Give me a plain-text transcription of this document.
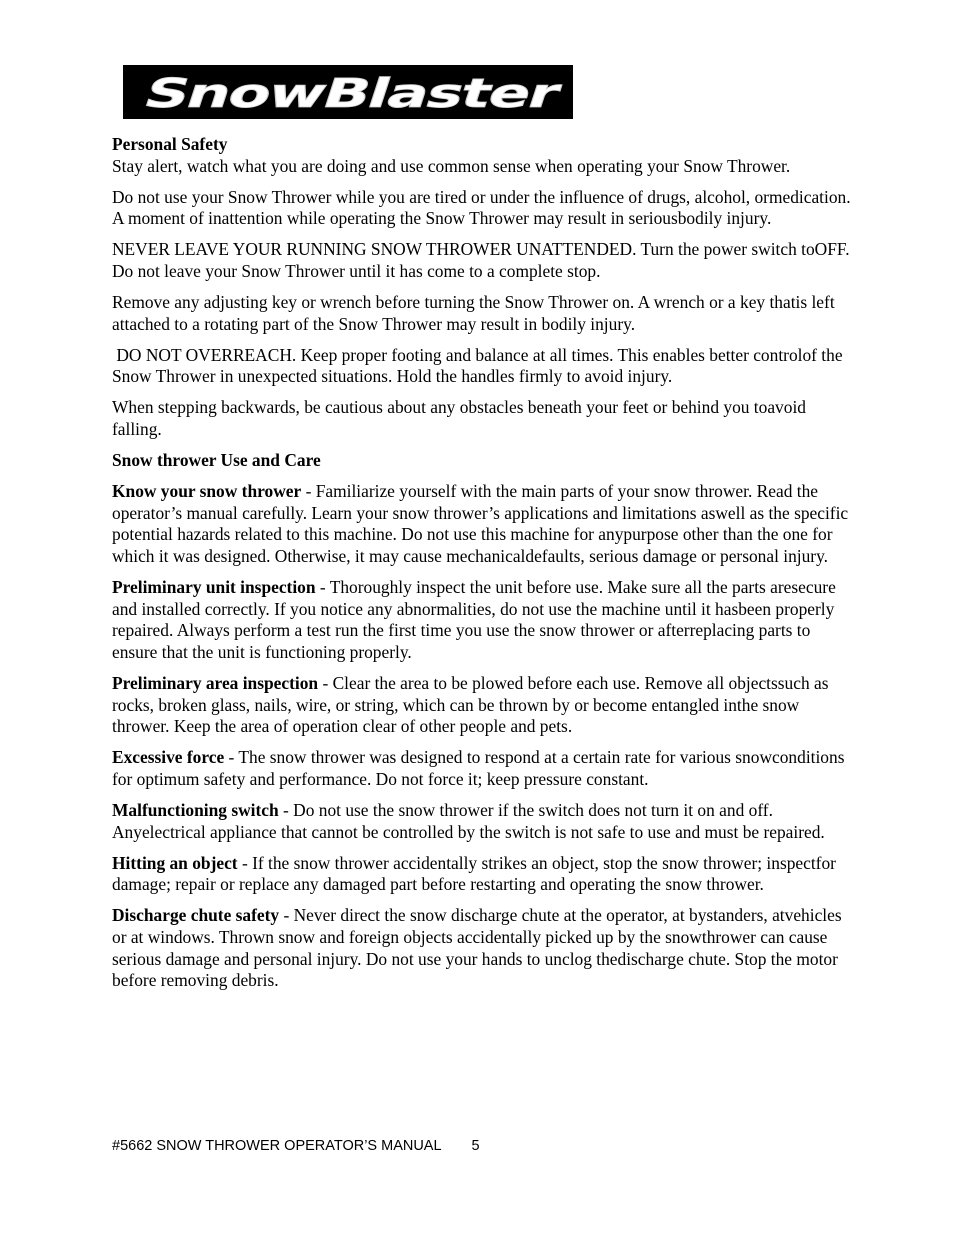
SnowBlaster

Personal Safety

Stay alert, watch what you are doing and use common sense when operating your Snow Thrower.

Do not use your Snow Thrower while you are tired or under the influence of drugs, alcohol, ormedication. A moment of inattention while operating the Snow Thrower may result in seriousbodily injury.

NEVER LEAVE YOUR RUNNING SNOW THROWER UNATTENDED. Turn the power switch toOFF. Do not leave your Snow Thrower until it has come to a complete stop.

Remove any adjusting key or wrench before turning the Snow Thrower on. A wrench or a key thatis left attached to a rotating part of the Snow Thrower may result in bodily injury.

DO NOT OVERREACH. Keep proper footing and balance at all times. This enables better controlof the Snow Thrower in unexpected situations. Hold the handles firmly to avoid injury.

When stepping backwards, be cautious about any obstacles beneath your feet or behind you toavoid falling.

Snow thrower Use and Care

Know your snow thrower - Familiarize yourself with the main parts of your snow thrower. Read the operator’s manual carefully. Learn your snow thrower’s applications and limitations aswell as the specific potential hazards related to this machine. Do not use this machine for anypurpose other than the one for which it was designed. Otherwise, it may cause mechanicaldefaults, serious damage or personal injury.

Preliminary unit inspection - Thoroughly inspect the unit before use. Make sure all the parts aresecure and installed correctly. If you notice any abnormalities, do not use the machine until it hasbeen properly repaired. Always perform a test run the first time you use the snow thrower or afterreplacing parts to ensure that the unit is functioning properly.

Preliminary area inspection - Clear the area to be plowed before each use. Remove all objectssuch as rocks, broken glass, nails, wire, or string, which can be thrown by or become entangled inthe snow thrower. Keep the area of operation clear of other people and pets.

Excessive force - The snow thrower was designed to respond at a certain rate for various snowconditions for optimum safety and performance. Do not force it; keep pressure constant.

Malfunctioning switch - Do not use the snow thrower if the switch does not turn it on and off. Anyelectrical appliance that cannot be controlled by the switch is not safe to use and must be repaired.

Hitting an object - If the snow thrower accidentally strikes an object, stop the snow thrower; inspectfor damage; repair or replace any damaged part before restarting and operating the snow thrower.

Discharge chute safety - Never direct the snow discharge chute at the operator, at bystanders, atvehicles or at windows. Thrown snow and foreign objects accidentally picked up by the snowthrower can cause serious damage and personal injury. Do not use your hands to unclog thedischarge chute. Stop the motor before removing debris.

#5662 SNOW THROWER OPERATOR’S MANUAL 5
